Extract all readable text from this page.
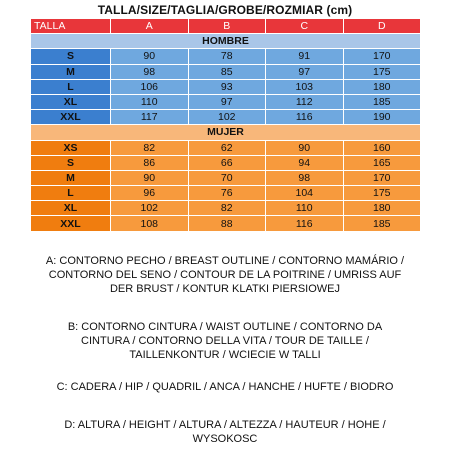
TALLA/SIZE/TAGLIA/GROBE/ROZMIAR (cm)
TALLA	A	B	C	D
HOMBRE				
S	90	78	91	170
M	98	85	97	175
L	106	93	103	180
XL	110	97	112	185
XXL	117	102	116	190
MUJER				
XS	82	62	90	160
S	86	66	94	165
M	90	70	98	170
L	96	76	104	175
XL	102	82	110	180
XXL	108	88	116	185
A: CONTORNO PECHO / BREAST OUTLINE / CONTORNO MAMÁRIO /
CONTORNO DEL SENO / CONTOUR DE LA POITRINE / UMRISS AUF
DER BRUST / KONTUR KLATKI PIERSIOWEJ
B: CONTORNO CINTURA / WAIST OUTLINE / CONTORNO DA
CINTURA / CONTORNO DELLA VITA / TOUR DE TAILLE /
TAILLENKONTUR / WCIECIE W TALLI
C: CADERA / HIP / QUADRIL / ANCA / HANCHE / HUFTE / BIODRO
D: ALTURA / HEIGHT / ALTURA / ALTEZZA / HAUTEUR / HOHE /
WYSOKOSC
